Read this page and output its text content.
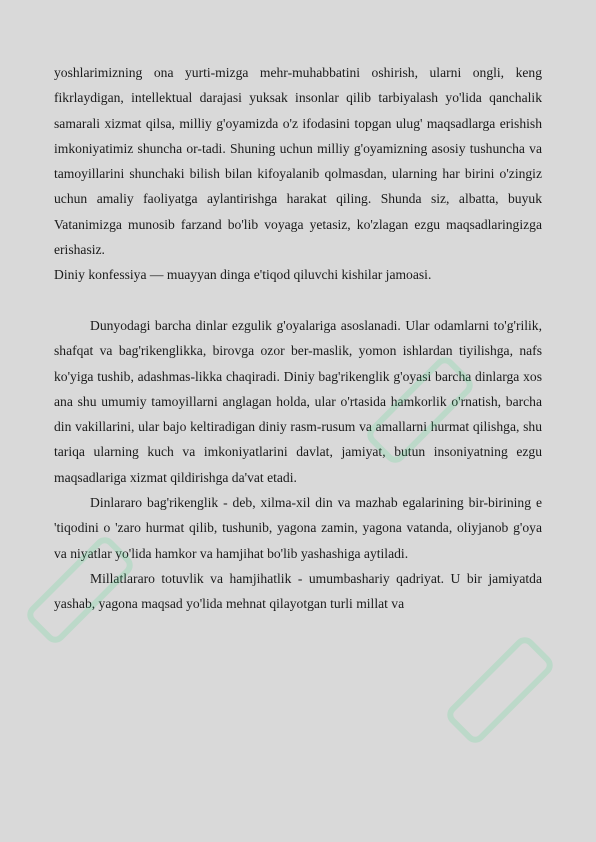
yoshlarimizning ona yurti-mizga mehr-muhabbatini oshirish, ularni ongli, keng fikrlaydigan, intellektual darajasi yuksak insonlar qilib tarbiyalash yo'lida qanchalik samarali xizmat qilsa, milliy g'oyamizda o'z ifodasini topgan ulug' maqsadlarga erishish imkoniyatimiz shuncha or-tadi. Shuning uchun milliy g'oyamizning asosiy tushuncha va tamoyillarini shunchaki bilish bilan kifoyalanib qolmasdan, ularning har birini o'zingiz uchun amaliy faoliyatga aylantirishga harakat qiling. Shunda siz, albatta, buyuk Vatanimizga munosib farzand bo'lib voyaga yetasiz, ko'zlagan ezgu maqsadlaringizga erishasiz.

Diniy konfessiya — muayyan dinga e'tiqod qiluvchi kishilar jamoasi.

Dunyodagi barcha dinlar ezgulik g'oyalariga asoslanadi. Ular odamlarni to'g'rilik, shafqat va bag'rikenglikka, birovga ozor ber-maslik, yomon ishlardan tiyilishga, nafs ko'yiga tushib, adashmas-likka chaqiradi. Diniy bag'rikenglik g'oyasi barcha dinlarga xos ana shu umumiy tamoyillarni anglagan holda, ular o'rtasida hamkorlik o'rnatish, barcha din vakillarini, ular bajo keltiradigan diniy rasm-rusum va amallarni hurmat qilishga, shu tariqa ularning kuch va imkoniyatlarini davlat, jamiyat, butun insoniyatning ezgu maqsadlariga xizmat qildirishga da'vat etadi.

Dinlararo bag'rikenglik - deb, xilma-xil din va mazhab egalarining bir-birining e 'tiqodini o 'zaro hurmat qilib, tushunib, yagona zamin, yagona vatanda, oliyjanob g'oya va niyatlar yo'lida hamkor va hamjihat bo'lib yashashiga aytiladi.

Millatlararo totuvlik va hamjihatlik - umumbashariy qadriyat. U bir jamiyatda yashab, yagona maqsad yo'lida mehnat qilayotgan turli millat va
